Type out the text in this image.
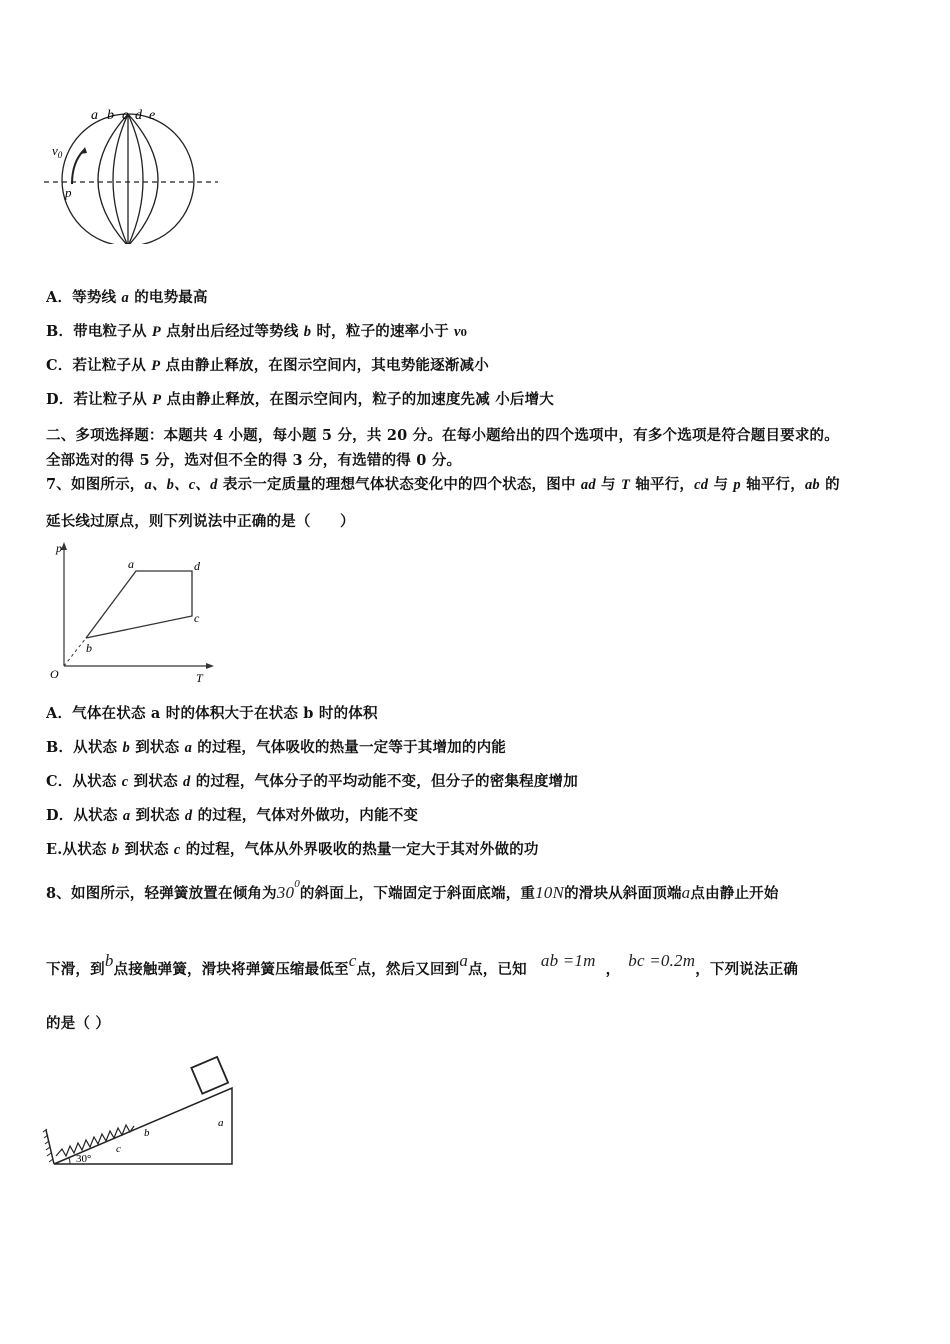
a b c d e
$v_0$
p
A．等势线 a 的电势最高
B．带电粒子从 P 点射出后经过等势线 b 时，粒子的速率小于 v0
C．若让粒子从 P 点由静止释放，在图示空间内，其电势能逐渐减小
D．若让粒子从 P 点由静止释放，在图示空间内，粒子的加速度先减 小后增大
二、多项选择题：本题共 4 小题，每小题 5 分，共 20 分。在每小题给出的四个选项中，有多个选项是符合题目要求的。
全部选对的得 5 分，选对但不全的得 3 分，有选错的得 0 分。
7、如图所示，a、b、c、d 表示一定质量的理想气体状态变化中的四个状态，图中 ad 与 T 轴平行，cd 与 p 轴平行，ab 的
延长线过原点，则下列说法中正确的是（　　）
p
T
O
a
b
c
d
A．气体在状态 a 时的体积大于在状态 b 时的体积
B．从状态 b 到状态 a 的过程，气体吸收的热量一定等于其增加的内能
C．从状态 c 到状态 d 的过程，气体分子的平均动能不变，但分子的密集程度增加
D．从状态 a 到状态 d 的过程，气体对外做功，内能不变
E.从状态 b 到状态 c 的过程，气体从外界吸收的热量一定大于其对外做的功
8、如图所示，轻弹簧放置在倾角为$30^0$的斜面上，下端固定于斜面底端，重10N的滑块从斜面顶端a点由静止开始
下滑，到b点接触弹簧，滑块将弹簧压缩最低至c点，然后又回到a点，已知 ab =1m ， bc =0.2m，下列说法正确
的是（ ）
30°
c
b
a
